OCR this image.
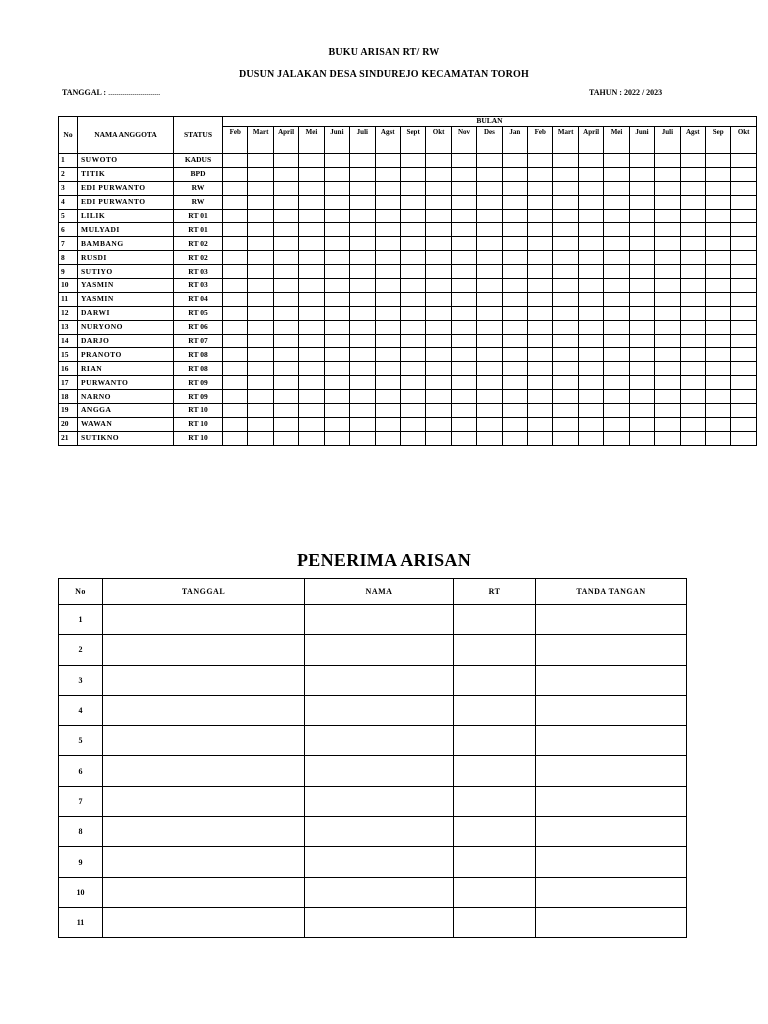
BUKU ARISAN RT/ RW
DUSUN JALAKAN DESA SINDUREJO KECAMATAN TOROH
TANGGAL : ..........................	TAHUN : 2022 / 2023
No	NAMA ANGGOTA	STATUS	BULAN																				
			Feb	Mart	April	Mei	Juni	Juli	Agst	Sept	Okt	Nov	Des	Jan	Feb	Mart	April	Mei	Juni	Juli	Agst	Sep	Okt
1	SUWOTO	KADUS																					
2	TITIK	BPD																					
3	EDI PURWANTO	RW																					
4	EDI PURWANTO	RW																					
5	LILIK	RT 01																					
6	MULYADI	RT 01																					
7	BAMBANG	RT 02																					
8	RUSDI	RT 02																					
9	SUTIYO	RT 03																					
10	YASMIN	RT 03																					
11	YASMIN	RT 04																					
12	DARWI	RT 05																					
13	NURYONO	RT 06																					
14	DARJO	RT 07																					
15	PRANOTO	RT 08																					
16	RIAN	RT 08																					
17	PURWANTO	RT 09																					
18	NARNO	RT 09																					
19	ANGGA	RT 10																					
20	WAWAN	RT 10																					
21	SUTIKNO	RT 10																					
PENERIMA ARISAN
No	TANGGAL	NAMA	RT	TANDA TANGAN
1				
2				
3				
4				
5				
6				
7				
8				
9				
10				
11				
